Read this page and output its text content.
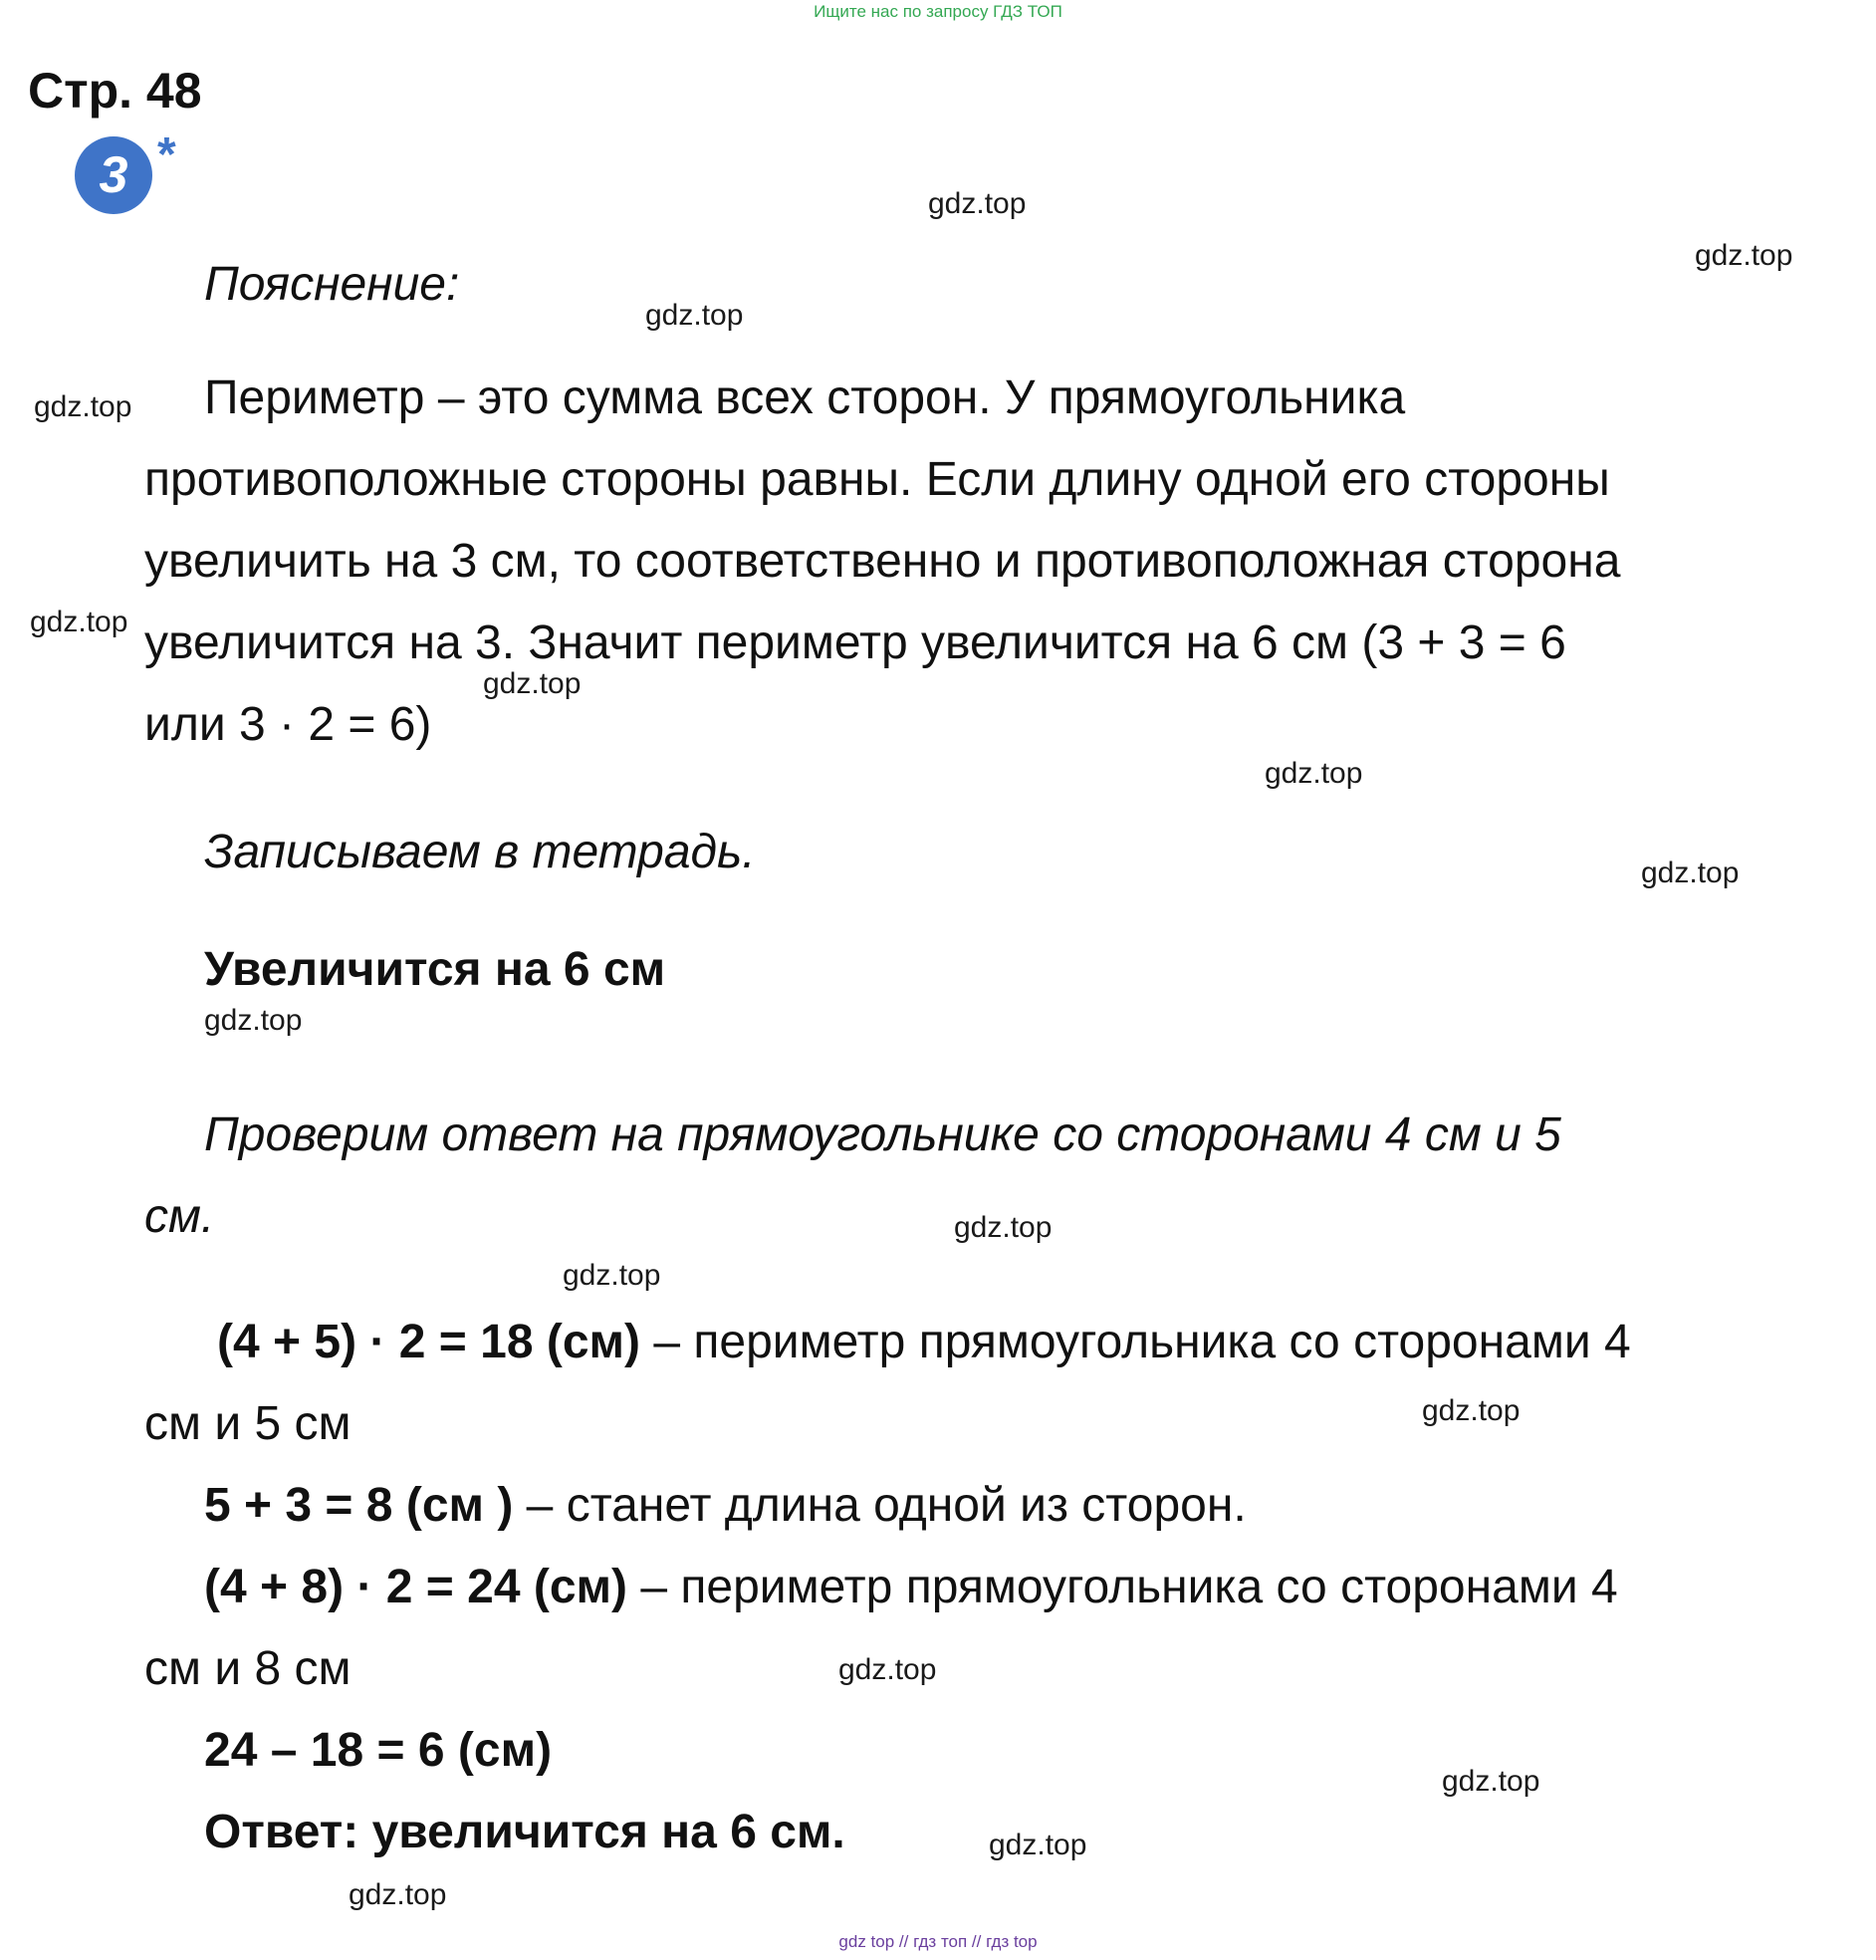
Ищите нас по запросу ГДЗ ТОП
Стр. 48
3 *
Пояснение:
Периметр – это сумма всех сторон. У прямоугольника
противоположные стороны равны. Если длину одной его стороны
увеличить на 3 см, то соответственно и противоположная сторона
увеличится на 3. Значит периметр увеличится на 6 см (3 + 3 = 6
или 3 · 2 = 6)
Записываем в тетрадь.
Увеличится на 6 см
Проверим ответ на прямоугольнике со сторонами 4 см и 5
см.
(4 + 5) · 2 = 18 (см) – периметр прямоугольника со сторонами 4
см и 5 см
5 + 3 = 8 (см ) – станет длина одной из сторон.
(4 + 8) · 2 = 24 (см) – периметр прямоугольника со сторонами 4
см и 8 см
24 – 18 = 6 (см)
Ответ: увеличится на 6 см.
gdz.top
gdz.top
gdz.top
gdz.top
gdz.top
gdz.top
gdz.top
gdz.top
gdz.top
gdz.top
gdz.top
gdz.top
gdz.top
gdz.top
gdz.top
gdz.top
gdz top // гдз топ // гдз top
